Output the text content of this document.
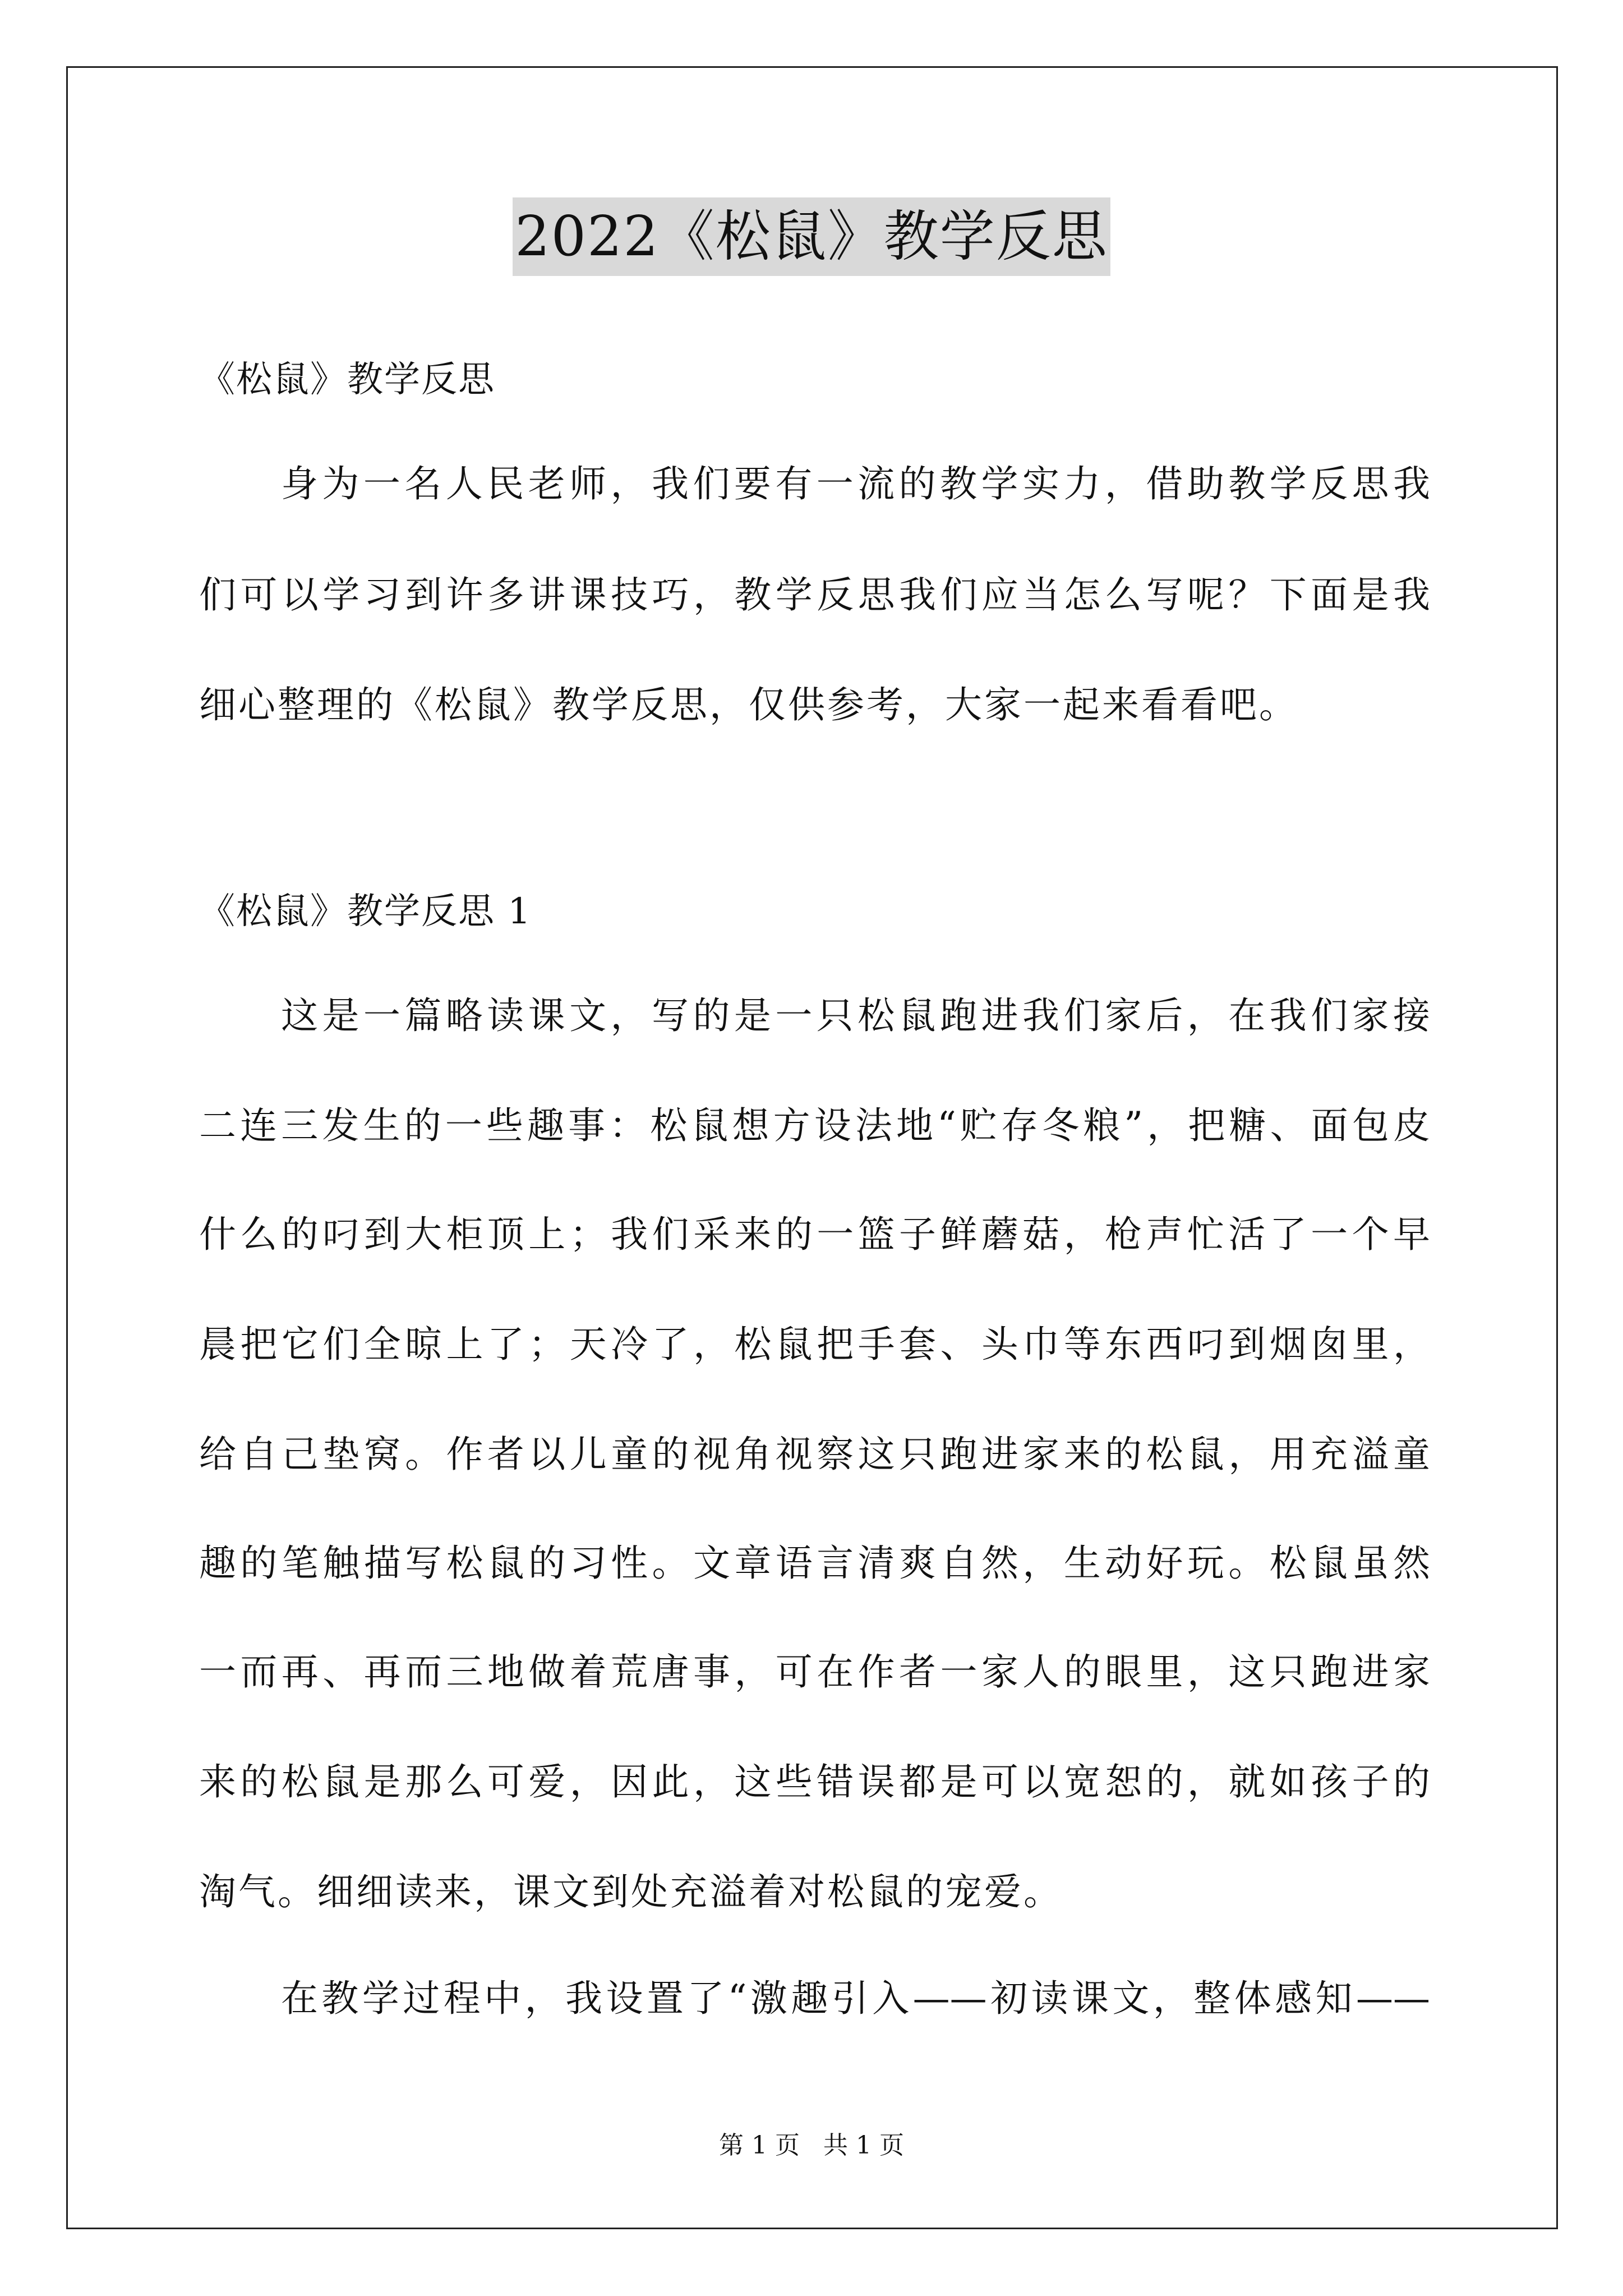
2022《松鼠》教学反思
《松鼠》教学反思
身为一名人民老师，我们要有一流的教学实力，借助教学反思我
们可以学习到许多讲课技巧，教学反思我们应当怎么写呢？下面是我
细心整理的《松鼠》教学反思，仅供参考，大家一起来看看吧。
《松鼠》教学反思 1
这是一篇略读课文，写的是一只松鼠跑进我们家后，在我们家接
二连三发生的一些趣事：松鼠想方设法地“贮存冬粮”，把糖、面包皮
什么的叼到大柜顶上；我们采来的一篮子鲜蘑菇，枪声忙活了一个早
晨把它们全晾上了；天冷了，松鼠把手套、头巾等东西叼到烟囱里，
给自己垫窝。作者以儿童的视角视察这只跑进家来的松鼠，用充溢童
趣的笔触描写松鼠的习性。文章语言清爽自然，生动好玩。松鼠虽然
一而再、再而三地做着荒唐事，可在作者一家人的眼里，这只跑进家
来的松鼠是那么可爱，因此，这些错误都是可以宽恕的，就如孩子的
淘气。细细读来，课文到处充溢着对松鼠的宠爱。
在教学过程中，我设置了“激趣引入——初读课文，整体感知——
第 1 页   共 1 页
